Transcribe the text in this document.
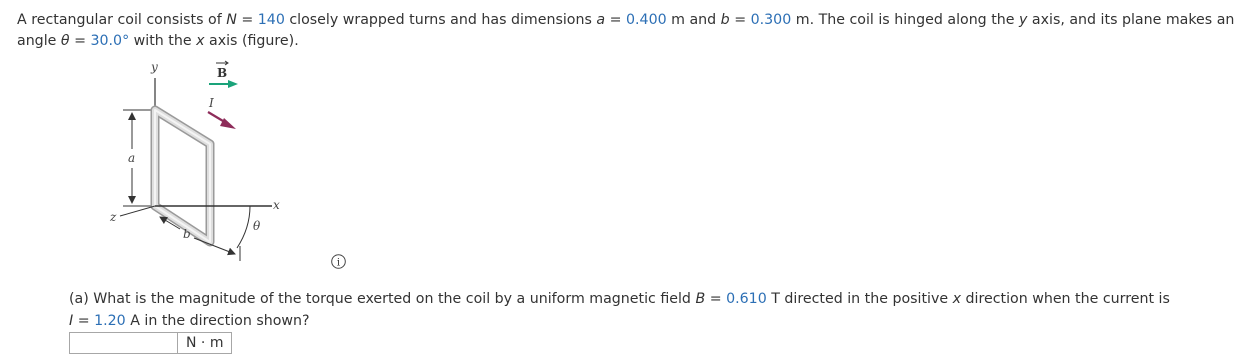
A rectangular coil consists of N = 140 closely wrapped turns and has dimensions a = 0.400 m and b = 0.300 m. The coil is hinged along the y axis, and its plane makes an
angle θ = 30.0° with the x axis (figure).
y	B
I
a
x
z
θ
b
i
(a) What is the magnitude of the torque exerted on the coil by a uniform magnetic field B = 0.610 T directed in the positive x direction when the current is
I = 1.20 A in the direction shown?
N · m
